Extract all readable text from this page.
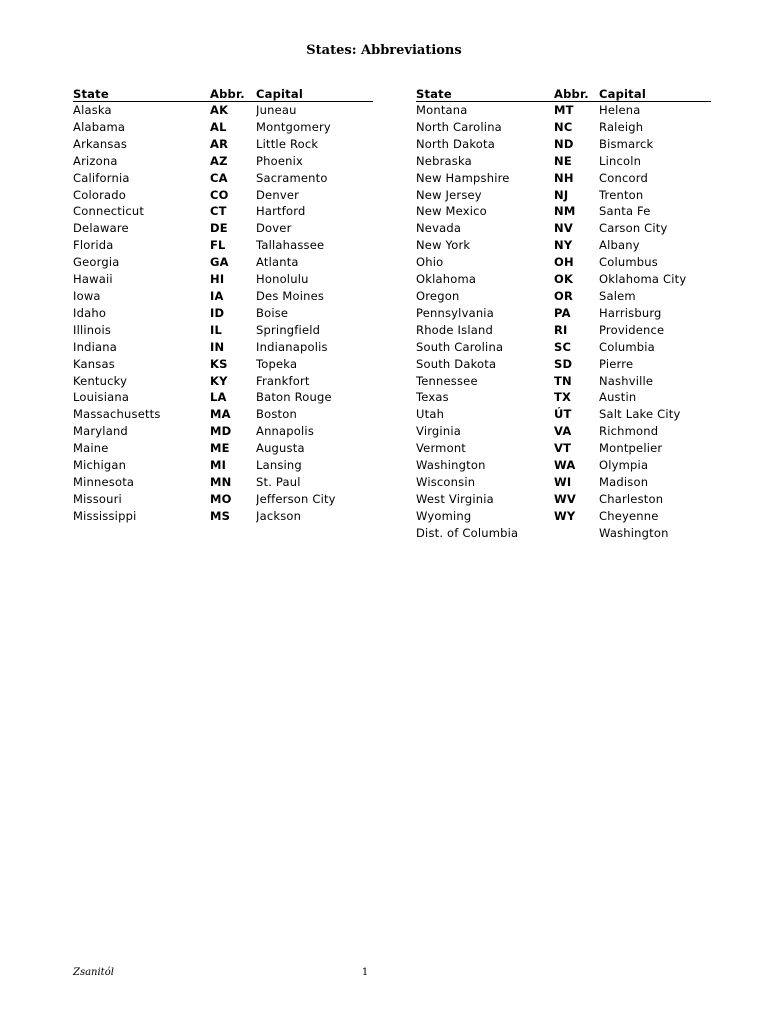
States: Abbreviations
State	Abbr.	Capital
Alaska	AK	Juneau
Alabama	AL	Montgomery
Arkansas	AR	Little Rock
Arizona	AZ	Phoenix
California	CA	Sacramento
Colorado	CO	Denver
Connecticut	CT	Hartford
Delaware	DE	Dover
Florida	FL	Tallahassee
Georgia	GA	Atlanta
Hawaii	HI	Honolulu
Iowa	IA	Des Moines
Idaho	ID	Boise
Illinois	IL	Springfield
Indiana	IN	Indianapolis
Kansas	KS	Topeka
Kentucky	KY	Frankfort
Louisiana	LA	Baton Rouge
Massachusetts	MA	Boston
Maryland	MD	Annapolis
Maine	ME	Augusta
Michigan	MI	Lansing
Minnesota	MN	St. Paul
Missouri	MO	Jefferson City
Mississippi	MS	Jackson
State	Abbr.	Capital
Montana	MT	Helena
North Carolina	NC	Raleigh
North Dakota	ND	Bismarck
Nebraska	NE	Lincoln
New Hampshire	NH	Concord
New Jersey	NJ	Trenton
New Mexico	NM	Santa Fe
Nevada	NV	Carson City
New York	NY	Albany
Ohio	OH	Columbus
Oklahoma	OK	Oklahoma City
Oregon	OR	Salem
Pennsylvania	PA	Harrisburg
Rhode Island	RI	Providence
South Carolina	SC	Columbia
South Dakota	SD	Pierre
Tennessee	TN	Nashville
Texas	TX	Austin
Utah	ÚT	Salt Lake City
Virginia	VA	Richmond
Vermont	VT	Montpelier
Washington	WA	Olympia
Wisconsin	WI	Madison
West Virginia	WV	Charleston
Wyoming	WY	Cheyenne
Dist. of Columbia		Washington
Zsanitól	1
